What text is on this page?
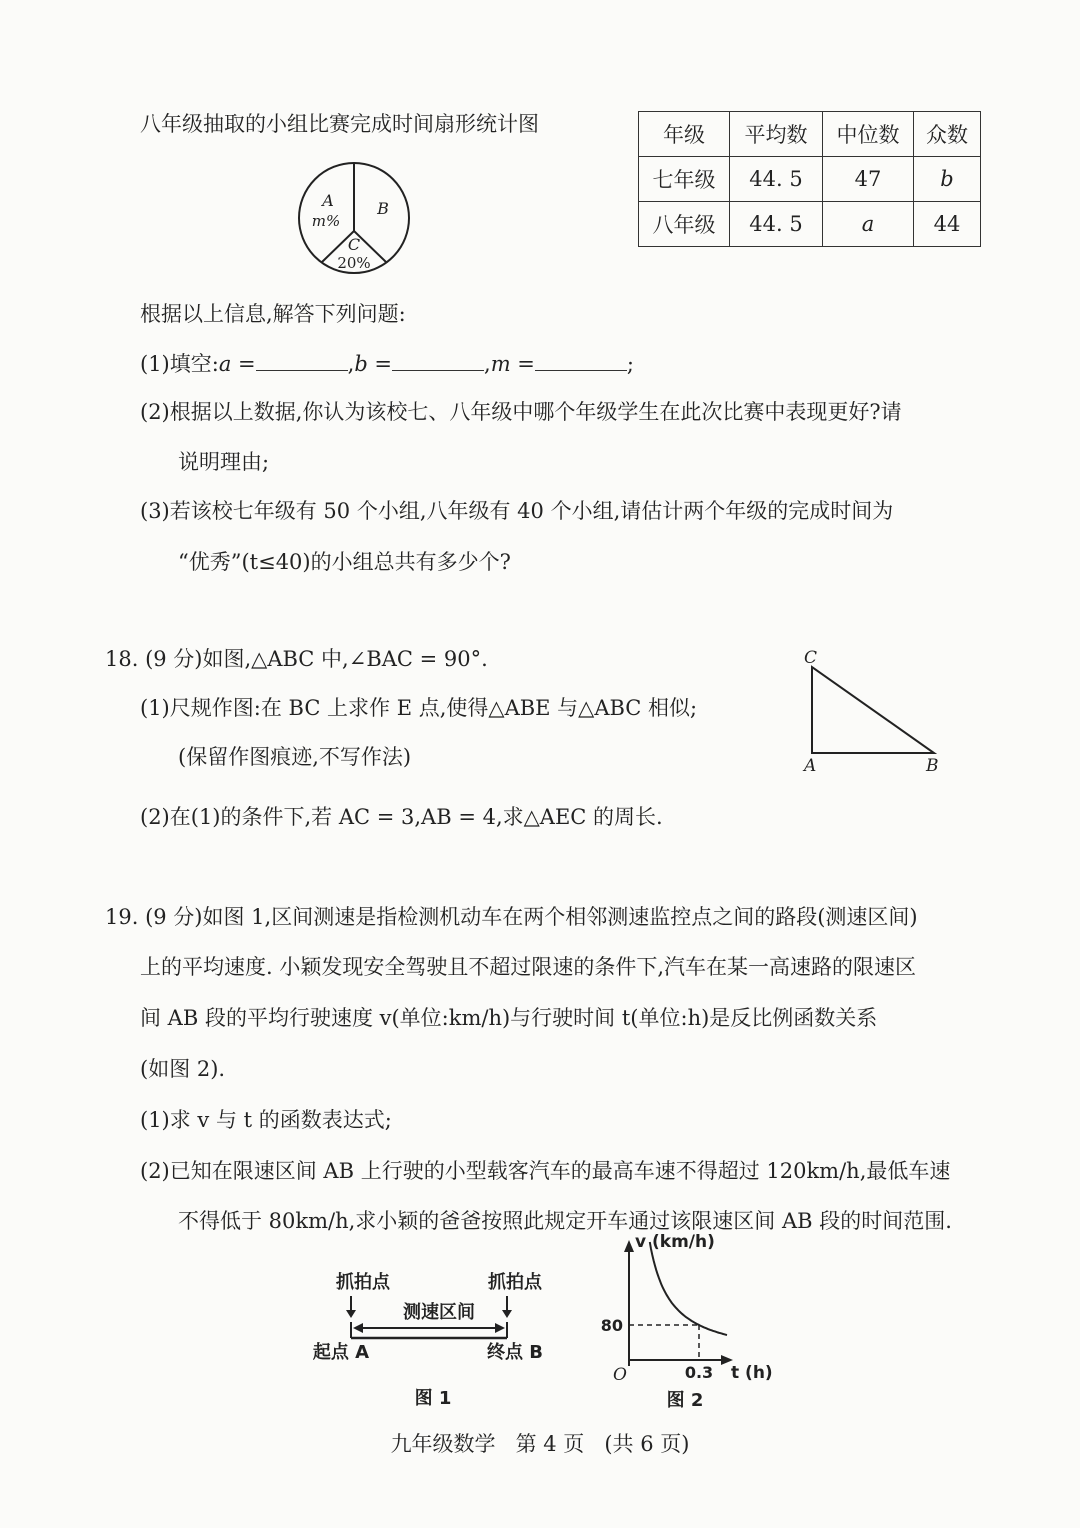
八年级抽取的小组比赛完成时间扇形统计图
A
m%
B
C
20%
年级	平均数	中位数	众数
七年级	44. 5	47	b
八年级	44. 5	a	44
根据以上信息,解答下列问题:
(1)填空:a =	,b =	,m =	;
(2)根据以上数据,你认为该校七、八年级中哪个年级学生在此次比赛中表现更好?请
说明理由;
(3)若该校七年级有 50 个小组,八年级有 40 个小组,请估计两个年级的完成时间为
“优秀”(t≤40)的小组总共有多少个?
18. (9 分)如图,△ABC 中,∠BAC = 90°.
(1)尺规作图:在 BC 上求作 E 点,使得△ABE 与△ABC 相似;
(保留作图痕迹,不写作法)
(2)在(1)的条件下,若 AC = 3,AB = 4,求△AEC 的周长.
C
A	B
19. (9 分)如图 1,区间测速是指检测机动车在两个相邻测速监控点之间的路段(测速区间)
上的平均速度. 小颖发现安全驾驶且不超过限速的条件下,汽车在某一高速路的限速区
间 AB 段的平均行驶速度 v(单位:km/h)与行驶时间 t(单位:h)是反比例函数关系
(如图 2).
(1)求 v 与 t 的函数表达式;
(2)已知在限速区间 AB 上行驶的小型载客汽车的最高车速不得超过 120km/h,最低车速
不得低于 80km/h,求小颖的爸爸按照此规定开车通过该限速区间 AB 段的时间范围.
抓拍点	抓拍点
测速区间
起点 A	终点 B
图 1
v (km/h)
t (h)
O
80
0.3
图 2
九年级数学   第 4 页   (共 6 页)
